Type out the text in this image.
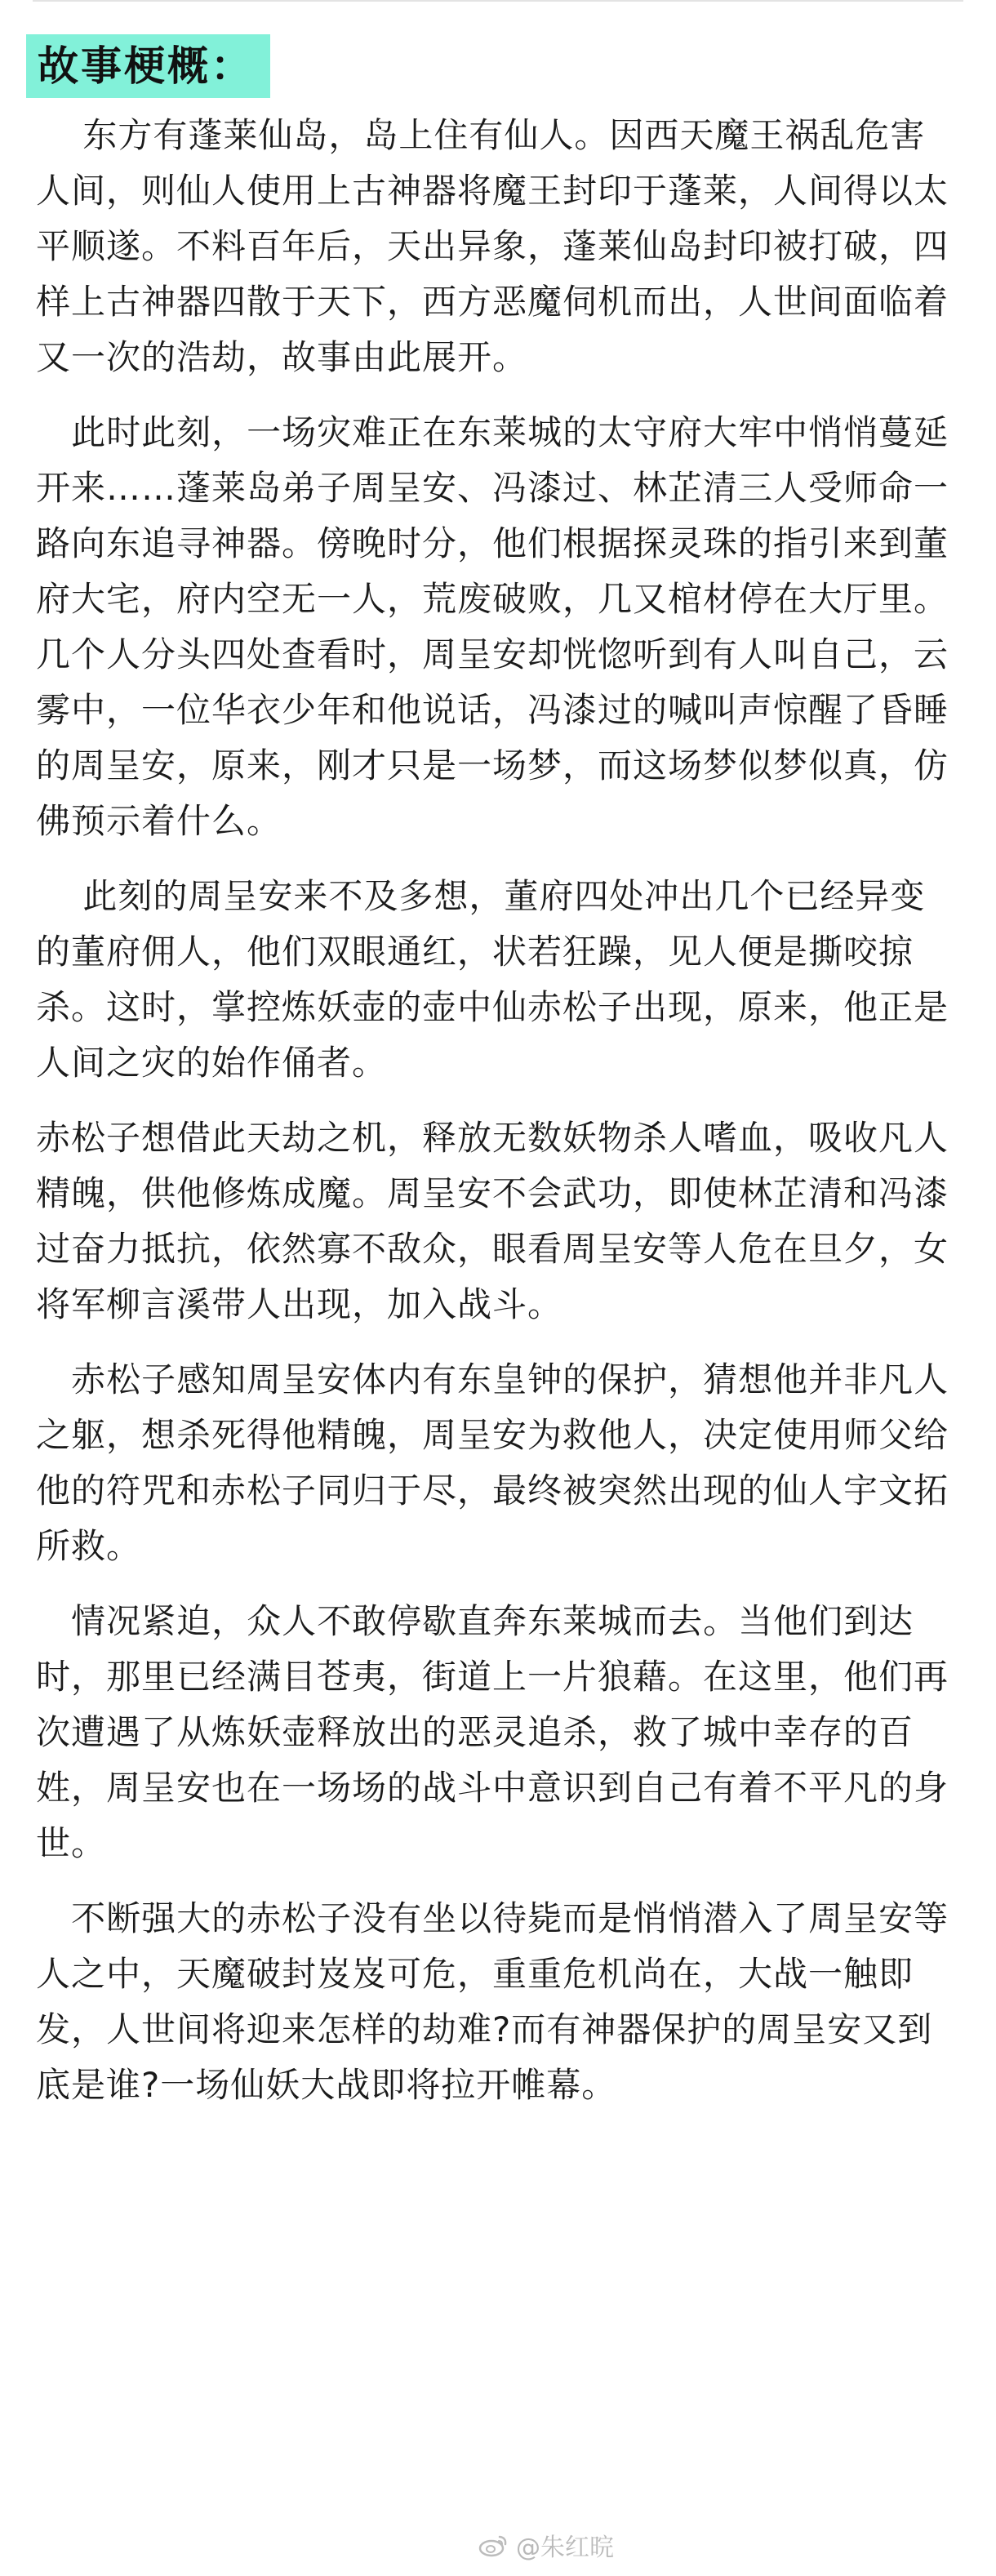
故事梗概：

东方有蓬莱仙岛，岛上住有仙人。因西天魔王祸乱危害人间，则仙人使用上古神器将魔王封印于蓬莱，人间得以太平顺遂。不料百年后，天出异象，蓬莱仙岛封印被打破，四样上古神器四散于天下，西方恶魔伺机而出，人世间面临着又一次的浩劫，故事由此展开。

此时此刻，一场灾难正在东莱城的太守府大牢中悄悄蔓延开来……蓬莱岛弟子周呈安、冯漆过、林芷清三人受师命一路向东追寻神器。傍晚时分，他们根据探灵珠的指引来到董府大宅，府内空无一人，荒废破败，几又棺材停在大厅里。几个人分头四处查看时，周呈安却恍惚听到有人叫自己，云雾中，一位华衣少年和他说话，冯漆过的喊叫声惊醒了昏睡的周呈安，原来，刚才只是一场梦，而这场梦似梦似真，仿佛预示着什么。

此刻的周呈安来不及多想，董府四处冲出几个已经异变的董府佣人，他们双眼通红，状若狂躁，见人便是撕咬掠杀。这时，掌控炼妖壶的壶中仙赤松子出现，原来，他正是人间之灾的始作俑者。

赤松子想借此天劫之机，释放无数妖物杀人嗜血，吸收凡人精魄，供他修炼成魔。周呈安不会武功，即使林芷清和冯漆过奋力抵抗，依然寡不敌众，眼看周呈安等人危在旦夕，女将军柳言溪带人出现，加入战斗。

赤松子感知周呈安体内有东皇钟的保护，猜想他并非凡人之躯，想杀死得他精魄，周呈安为救他人，决定使用师父给他的符咒和赤松子同归于尽，最终被突然出现的仙人宇文拓所救。

情况紧迫，众人不敢停歇直奔东莱城而去。当他们到达时，那里已经满目苍夷，街道上一片狼藉。在这里，他们再次遭遇了从炼妖壶释放出的恶灵追杀，救了城中幸存的百姓，周呈安也在一场场的战斗中意识到自己有着不平凡的身世。

不断强大的赤松子没有坐以待毙而是悄悄潜入了周呈安等人之中，天魔破封岌岌可危，重重危机尚在，大战一触即发，人世间将迎来怎样的劫难?而有神器保护的周呈安又到底是谁?一场仙妖大战即将拉开帷幕。

@朱红晥
